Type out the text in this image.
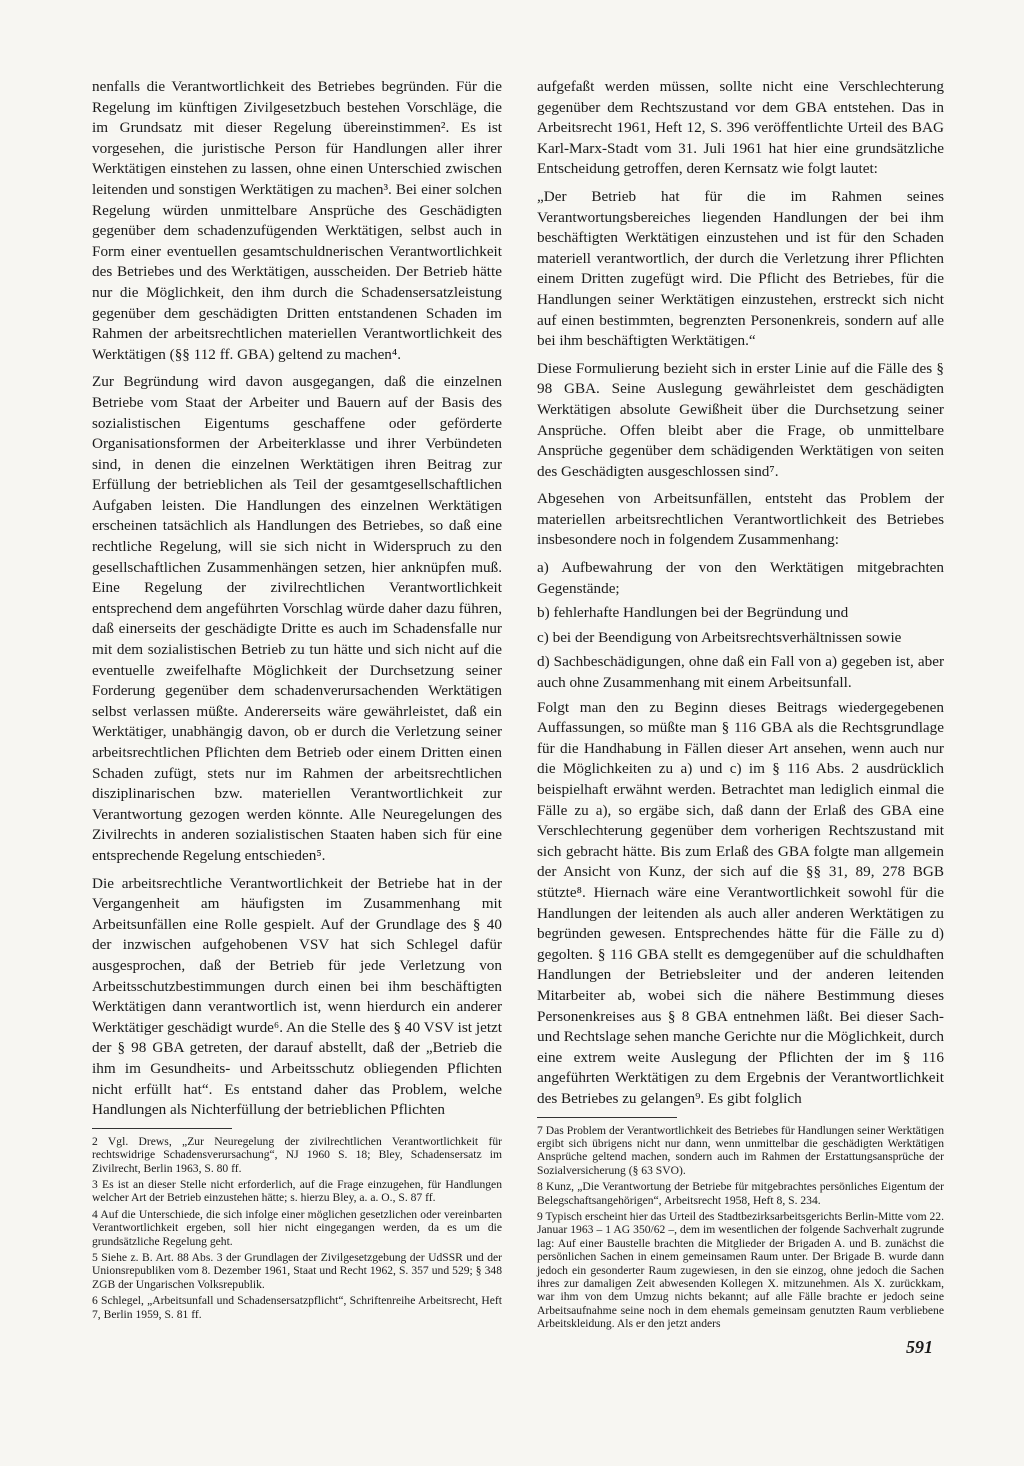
nenfalls die Verantwortlichkeit des Betriebes begründen. Für die Regelung im künftigen Zivilgesetzbuch bestehen Vorschläge, die im Grundsatz mit dieser Regelung übereinstimmen². Es ist vorgesehen, die juristische Person für Handlungen aller ihrer Werktätigen einstehen zu lassen, ohne einen Unterschied zwischen leitenden und sonstigen Werktätigen zu machen³. Bei einer solchen Regelung würden unmittelbare Ansprüche des Geschädigten gegenüber dem schadenzufügenden Werktätigen, selbst auch in Form einer eventuellen gesamtschuldnerischen Verantwortlichkeit des Betriebes und des Werktätigen, ausscheiden. Der Betrieb hätte nur die Möglichkeit, den ihm durch die Schadensersatzleistung gegenüber dem geschädigten Dritten entstandenen Schaden im Rahmen der arbeitsrechtlichen materiellen Verantwortlichkeit des Werktätigen (§§ 112 ff. GBA) geltend zu machen⁴.

Zur Begründung wird davon ausgegangen, daß die einzelnen Betriebe vom Staat der Arbeiter und Bauern auf der Basis des sozialistischen Eigentums geschaffene oder geförderte Organisationsformen der Arbeiterklasse und ihrer Verbündeten sind, in denen die einzelnen Werktätigen ihren Beitrag zur Erfüllung der betrieblichen als Teil der gesamtgesellschaftlichen Aufgaben leisten. Die Handlungen des einzelnen Werktätigen erscheinen tatsächlich als Handlungen des Betriebes, so daß eine rechtliche Regelung, will sie sich nicht in Widerspruch zu den gesellschaftlichen Zusammenhängen setzen, hier anknüpfen muß. Eine Regelung der zivilrechtlichen Verantwortlichkeit entsprechend dem angeführten Vorschlag würde daher dazu führen, daß einerseits der geschädigte Dritte es auch im Schadensfalle nur mit dem sozialistischen Betrieb zu tun hätte und sich nicht auf die eventuelle zweifelhafte Möglichkeit der Durchsetzung seiner Forderung gegenüber dem schadenverursachenden Werktätigen selbst verlassen müßte. Andererseits wäre gewährleistet, daß ein Werktätiger, unabhängig davon, ob er durch die Verletzung seiner arbeitsrechtlichen Pflichten dem Betrieb oder einem Dritten einen Schaden zufügt, stets nur im Rahmen der arbeitsrechtlichen disziplinarischen bzw. materiellen Verantwortlichkeit zur Verantwortung gezogen werden könnte. Alle Neuregelungen des Zivilrechts in anderen sozialistischen Staaten haben sich für eine entsprechende Regelung entschieden⁵.

Die arbeitsrechtliche Verantwortlichkeit der Betriebe hat in der Vergangenheit am häufigsten im Zusammenhang mit Arbeitsunfällen eine Rolle gespielt. Auf der Grundlage des § 40 der inzwischen aufgehobenen VSV hat sich Schlegel dafür ausgesprochen, daß der Betrieb für jede Verletzung von Arbeitsschutzbestimmungen durch einen bei ihm beschäftigten Werktätigen dann verantwortlich ist, wenn hierdurch ein anderer Werktätiger geschädigt wurde⁶. An die Stelle des § 40 VSV ist jetzt der § 98 GBA getreten, der darauf abstellt, daß der „Betrieb die ihm im Gesundheits- und Arbeitsschutz obliegenden Pflichten nicht erfüllt hat“. Es entstand daher das Problem, welche Handlungen als Nichterfüllung der betrieblichen Pflichten

2 Vgl. Drews, „Zur Neuregelung der zivilrechtlichen Verantwortlichkeit für rechtswidrige Schadensverursachung“, NJ 1960 S. 18; Bley, Schadensersatz im Zivilrecht, Berlin 1963, S. 80 ff.

3 Es ist an dieser Stelle nicht erforderlich, auf die Frage einzugehen, für Handlungen welcher Art der Betrieb einzustehen hätte; s. hierzu Bley, a. a. O., S. 87 ff.

4 Auf die Unterschiede, die sich infolge einer möglichen gesetzlichen oder vereinbarten Verantwortlichkeit ergeben, soll hier nicht eingegangen werden, da es um die grundsätzliche Regelung geht.

5 Siehe z. B. Art. 88 Abs. 3 der Grundlagen der Zivilgesetzgebung der UdSSR und der Unionsrepubliken vom 8. Dezember 1961, Staat und Recht 1962, S. 357 und 529; § 348 ZGB der Ungarischen Volksrepublik.

6 Schlegel, „Arbeitsunfall und Schadensersatzpflicht“, Schriftenreihe Arbeitsrecht, Heft 7, Berlin 1959, S. 81 ff.

aufgefaßt werden müssen, sollte nicht eine Verschlechterung gegenüber dem Rechtszustand vor dem GBA entstehen. Das in Arbeitsrecht 1961, Heft 12, S. 396 veröffentlichte Urteil des BAG Karl-Marx-Stadt vom 31. Juli 1961 hat hier eine grundsätzliche Entscheidung getroffen, deren Kernsatz wie folgt lautet:

„Der Betrieb hat für die im Rahmen seines Verantwortungsbereiches liegenden Handlungen der bei ihm beschäftigten Werktätigen einzustehen und ist für den Schaden materiell verantwortlich, der durch die Verletzung ihrer Pflichten einem Dritten zugefügt wird. Die Pflicht des Betriebes, für die Handlungen seiner Werktätigen einzustehen, erstreckt sich nicht auf einen bestimmten, begrenzten Personenkreis, sondern auf alle bei ihm beschäftigten Werktätigen.“

Diese Formulierung bezieht sich in erster Linie auf die Fälle des § 98 GBA. Seine Auslegung gewährleistet dem geschädigten Werktätigen absolute Gewißheit über die Durchsetzung seiner Ansprüche. Offen bleibt aber die Frage, ob unmittelbare Ansprüche gegenüber dem schädigenden Werktätigen von seiten des Geschädigten ausgeschlossen sind⁷.

Abgesehen von Arbeitsunfällen, entsteht das Problem der materiellen arbeitsrechtlichen Verantwortlichkeit des Betriebes insbesondere noch in folgendem Zusammenhang:

a) Aufbewahrung der von den Werktätigen mitgebrachten Gegenstände;

b) fehlerhafte Handlungen bei der Begründung und

c) bei der Beendigung von Arbeitsrechtsverhältnissen sowie

d) Sachbeschädigungen, ohne daß ein Fall von a) gegeben ist, aber auch ohne Zusammenhang mit einem Arbeitsunfall.

Folgt man den zu Beginn dieses Beitrags wiedergegebenen Auffassungen, so müßte man § 116 GBA als die Rechtsgrundlage für die Handhabung in Fällen dieser Art ansehen, wenn auch nur die Möglichkeiten zu a) und c) im § 116 Abs. 2 ausdrücklich beispielhaft erwähnt werden. Betrachtet man lediglich einmal die Fälle zu a), so ergäbe sich, daß dann der Erlaß des GBA eine Verschlechterung gegenüber dem vorherigen Rechtszustand mit sich gebracht hätte. Bis zum Erlaß des GBA folgte man allgemein der Ansicht von Kunz, der sich auf die §§ 31, 89, 278 BGB stützte⁸. Hiernach wäre eine Verantwortlichkeit sowohl für die Handlungen der leitenden als auch aller anderen Werktätigen zu begründen gewesen. Entsprechendes hätte für die Fälle zu d) gegolten. § 116 GBA stellt es demgegenüber auf die schuldhaften Handlungen der Betriebsleiter und der anderen leitenden Mitarbeiter ab, wobei sich die nähere Bestimmung dieses Personenkreises aus § 8 GBA entnehmen läßt. Bei dieser Sach- und Rechtslage sehen manche Gerichte nur die Möglichkeit, durch eine extrem weite Auslegung der Pflichten der im § 116 angeführten Werktätigen zu dem Ergebnis der Verantwortlichkeit des Betriebes zu gelangen⁹. Es gibt folglich

7 Das Problem der Verantwortlichkeit des Betriebes für Handlungen seiner Werktätigen ergibt sich übrigens nicht nur dann, wenn unmittelbar die geschädigten Werktätigen Ansprüche geltend machen, sondern auch im Rahmen der Erstattungsansprüche der Sozialversicherung (§ 63 SVO).

8 Kunz, „Die Verantwortung der Betriebe für mitgebrachtes persönliches Eigentum der Belegschaftsangehörigen“, Arbeitsrecht 1958, Heft 8, S. 234.

9 Typisch erscheint hier das Urteil des Stadtbezirksarbeitsgerichts Berlin-Mitte vom 22. Januar 1963 – 1 AG 350/62 –, dem im wesentlichen der folgende Sachverhalt zugrunde lag: Auf einer Baustelle brachten die Mitglieder der Brigaden A. und B. zunächst die persönlichen Sachen in einem gemeinsamen Raum unter. Der Brigade B. wurde dann jedoch ein gesonderter Raum zugewiesen, in den sie einzog, ohne jedoch die Sachen ihres zur damaligen Zeit abwesenden Kollegen X. mitzunehmen. Als X. zurückkam, war ihm von dem Umzug nichts bekannt; auf alle Fälle brachte er jedoch seine Arbeitsaufnahme seine noch in dem ehemals gemeinsam genutzten Raum verbliebene Arbeitskleidung. Als er den jetzt anders

591
